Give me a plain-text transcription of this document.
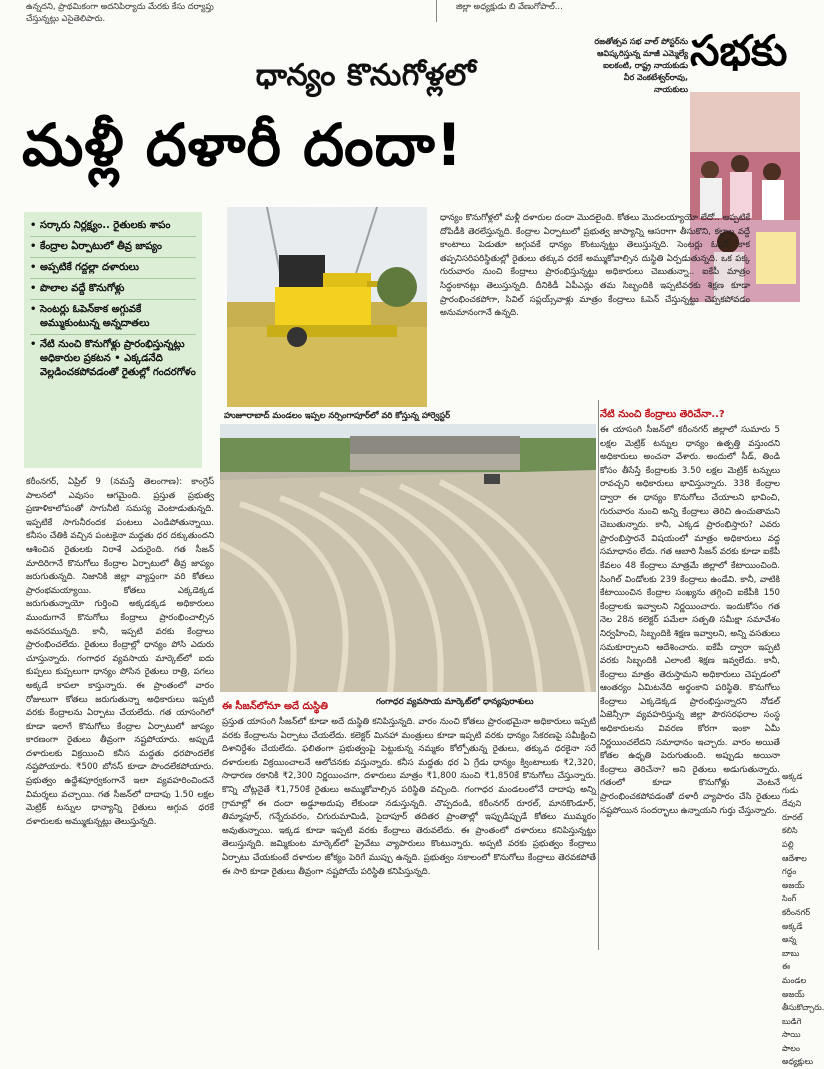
ఉన్నదని, ప్రాథమికంగా అదనిపిర్యాదు మేరకు కేసు దర్యాప్తు చేస్తున్నట్లు ఎసైతెలిపారు.
జిల్లా అధ్యక్షుడు బి వేణుగోపాల్...
ధాన్యం కొనుగోళ్లలో
మళ్లీ దళారీ దందా!
సభకు
రజతోత్సవ సభ వాల్ పోస్టర్‌ను ఆవిష్కరిస్తున్న మాజీ ఎమ్మెల్యే ఐలకంటి, రాష్ట్ర నాయకుడు వీర వెంకటేశ్వర్‌రావు, నాయకులు
• సర్కారు నిర్లక్ష్యం.. రైతులకు శాపం
• కేంద్రాల ఏర్పాటులో తీవ్ర జాప్యం
• అప్పటికే గద్దల్లా దళారులు
• పొలాల వద్దే కొనుగోళ్లు
• సెంటర్లు ఓపెన్‌కాక అగ్గువకే అమ్ముకుంటున్న అన్నదాతలు
• నేటి నుంచి కొనుగోళ్లు ప్రారంభిస్తున్నట్లు అధికారుల ప్రకటన • ఎక్కడనేది వెల్లడించకపోవడంతో రైతుల్లో గందరగోళం
ధాన్యం కొనుగోళ్లలో మళ్లీ దళారుల దందా మొదలైంది. కోతలు మొదలయ్యాయో లేదో.. అప్పటికే దోపిడీకి తెరలేస్తున్నది. కేంద్రాల ఏర్పాటులో ప్రభుత్వ జాప్యాన్ని ఆసరాగా తీసుకొని, కల్లాల వద్దే కాంటాలు పెడుతూ అగ్గువకే ధాన్యం కొంటున్నట్టు తెలుస్తున్నది. సెంటర్లు ఓపెన్ కాక తప్పనిసరిపరిస్థితుల్లో రైతులు తక్కువ ధరకే అమ్ముకోవాల్సిన దుస్థితి ఏర్పడుతున్నది. ఒక పక్క గురువారం నుంచి కేంద్రాలు ప్రారంభిస్తున్నట్టు అధికారులు చెబుతున్నా.. ఐకేపీ మాత్రం సిద్ధంకానట్లు తెలుస్తున్నది. దీనికిడీ ఏపీఎన్లు తమ సిబ్బందికి ఇప్పటివరకు శిక్షణ కూడా ప్రారంభించకపోగా, సివిల్ సప్లయ్స్‌వాళ్లు మాత్రం కేంద్రాలు ఓపెన్ చేస్తున్నట్టు చెప్పకపోవడం అనుమానంగానే ఉన్నది.
హుజూరాబాద్ మండలం ఇప్పల నర్సింగాపూర్‌లో వరి కోస్తున్న హార్వెస్టర్
గంగాధర వ్యవసాయ మార్కెట్‌లో ధాన్యపురాశులు
కరీంనగర్, ఏప్రిల్ 9 (నమస్తే తెలంగాణ): కాంగ్రెస్ పాలనలో ఎవుసం ఆగమైంది. ప్రస్తుత ప్రభుత్వ ప్రణాళికాలోపంతో సాగునీటి సమస్య వెంటాడుతున్నది. ఇప్పటికే సాగునీరందక పంటలు ఎండిపోతున్నాయి. కనీసం చేతికి వచ్చిన పంటకైనా మద్దతు ధర దక్కుతుందని ఆశించిన రైతులకు నిరాశే ఎదురైంది. గత సీజన్ మాదిరిగానే కొనుగోలు కేంద్రాల ఏర్పాటులో తీవ్ర జాప్యం జరుగుతున్నది. నిజానికి జిల్లా వ్యాప్తంగా వరి కోతలు ప్రారంభమయ్యాయి. కోతలు ఎక్కడెక్కడ జరుగుతున్నాయో గుర్తించి అక్కడక్కడ అధికారులు ముందుగానే కొనుగోలు కేంద్రాలు ప్రారంభించాల్సిన అవసరమున్నది. కానీ, ఇప్పటి వరకు కేంద్రాలు ప్రారంభించలేదు. రైతులు కేంద్రాల్లో ధాన్యం పోసి ఎదురు చూస్తున్నారు. గంగాధర వ్యవసాయ మార్కెట్‌లో ఐదు కుప్పలు కుప్పలుగా ధాన్యం పోసిన రైతులు రాత్రి, పగలు అక్కడే కాపలా కాస్తున్నారు. ఈ ప్రాంతంలో వారం రోజులుగా కోతలు జరుగుతున్నా అధికారులు ఇప్పటి వరకు కేంద్రాలను ఏర్పాటు చేయలేదు. గత యాసంగిలో కూడా ఇలాగే కొనుగోలు కేంద్రాల ఏర్పాటులో జాప్యం కారణంగా రైతులు తీవ్రంగా నష్టపోయారు. అప్పుడే దళారులకు విక్రయించి కనీస మద్దతు ధరపొందలేక నష్టపోయారు. ₹500 బోనస్ కూడా పొందలేకపోయారు. ప్రభుత్వం ఉద్దేశపూర్వకంగానే ఇలా వ్యవహరించిందనే విమర్శలు వచ్చాయి. గత సీజన్‌లో దాదాపు 1.50 లక్షల మెట్రిక్ టన్నుల ధాన్యాన్ని రైతులు అగ్గువ ధరకే దళారులకు అమ్ముకున్నట్లు తెలుస్తున్నది.
ఈ సీజన్‌లోనూ అదే దుస్థితి
ప్రస్తుత యాసంగి సీజన్‌లో కూడా అదే దుస్థితి కనిపిస్తున్నది. వారం నుంచి కోతలు ప్రారంభమైనా అధికారులు ఇప్పటి వరకు కేంద్రాలను ఏర్పాటు చేయలేదు. కలెక్టర్ మినహా మంత్రులు కూడా ఇప్పటి వరకు ధాన్యం సేకరణపై సమీక్షించి దిశానిర్దేశం చేయలేదు. ఫలితంగా ప్రభుత్వంపై పెట్టుకున్న నమ్మకం కోల్పోతున్న రైతులు, తక్కువ ధరకైనా సరే దళారులకు విక్రయించాలనే ఆలోచనకు వస్తున్నారు. కనీస మద్దతు ధర ఏ గ్రేడు ధాన్యం క్వింటాలుకు ₹2,320, సాధారణ రకానికి ₹2,300 నిర్ణయించగా, దళారులు మాత్రం ₹1,800 నుంచి ₹1,850కే కొనుగోలు చేస్తున్నారు. కొన్ని చోట్లనైతే ₹1,750కే రైతులు అమ్ముకోవాల్సిన పరిస్థితి వచ్చింది. గంగాధర మండలంలోనే దాదాపు అన్ని గ్రామాల్లో ఈ దందా అడ్డూఅదుపు లేకుండా నడుస్తున్నది. చొప్పదండి, కరీంనగర్ రూరల్, మానకొండూర్, తిమ్మాపూర్, గన్నేరువరం, చిగురుమామిడి, సైదాపూర్ తదితర ప్రాంతాల్లో ఇప్పుడిప్పుడే కోతలు ముమ్మరం అవుతున్నాయి. ఇక్కడ కూడా ఇప్పటి వరకు కేంద్రాలు తెరువలేదు. ఈ ప్రాంతంలో దళారులు కనిపిస్తున్నట్టు తెలుస్తున్నది. జమ్మికుంట మార్కెట్‌లో ప్రైవేటు వ్యాపారులు కొంటున్నారు. అప్పటి వరకు ప్రభుత్వం కేంద్రాలు ఏర్పాటు చేయకుంటే దళారుల జోక్యం పెరిగే ముప్పు ఉన్నది. ప్రభుత్వం సకాలంలో కొనుగోలు కేంద్రాలు తెరవకపోతే ఈ సారి కూడా రైతులు తీవ్రంగా నష్టపోయే పరిస్థితి కనిపిస్తున్నది.
నేటి నుంచి కేంద్రాలు తెరిచేనా..?
ఈ యాసంగి సీజన్‌లో కరీంనగర్ జిల్లాలో సుమారు 5 లక్షల మెట్రిక్ టన్నుల ధాన్యం ఉత్పత్తి వస్తుందని అధికారులు అంచనా వేశారు. అందులో సీడ్, తిండి కోసం తీసేస్తే కేంద్రాలకు 3.50 లక్షల మెట్రిక్ టన్నులు రావచ్చని అధికారులు భావిస్తున్నారు. 338 కేంద్రాల ద్వారా ఈ ధాన్యం కొనుగోలు చేయాలని భావించి, గురువారం నుంచి అన్ని కేంద్రాలు తెరిచి ఉంచుతామని చెబుతున్నారు. కానీ, ఎక్కడ ప్రారంభిస్తారు? ఎవరు ప్రారంభిస్తారనే విషయంలో మాత్రం అధికారులు వద్ద సమాధానం లేదు. గత ఆబారి సీజన్ వరకు కూడా ఐకేపీ కేవలం 48 కేంద్రాలు మాత్రమే జిల్లాలో కేటాయించింది. సింగిల్ విండోలకు 239 కేంద్రాలు ఉండేవి. కానీ, వాటికి కేటాయించిన కేంద్రాల సంఖ్యను తగ్గించి ఐకేపీకి 150 కేంద్రాలకు ఇవ్వాలని నిర్ణయించారు. ఇందుకోసం గత నెల 28న కలెక్టర్ పమేలా సత్పతి సమీక్షా సమావేశం నిర్వహించి, సిబ్బందికి శిక్షణ ఇవ్వాలని, అన్ని వసతులు సమకూర్చాలని ఆదేశించారు. ఐకేపీ ద్వారా ఇప్పటి వరకు సిబ్బందికి ఎలాంటి శిక్షణ ఇవ్వలేదు. కానీ, కేంద్రాలు మాత్రం తెరుస్తామని అధికారులు చెప్పడంలో ఆంతర్యం ఏమిటనేది అర్థంకాని పరిస్థితి. కొనుగోలు కేంద్రాలు ఎక్కడెక్కడ ప్రారంభిస్తున్నారని నోడల్ ఏజెన్సీగా వ్యవహరిస్తున్న జిల్లా పౌరసరఫరాల సంస్థ అధికారులను వివరణ కోరగా ఇంకా ఏమీ నిర్ణయించలేదని సమాధానం ఇచ్చారు. వారం అయితే కోతల ఉధృతి పెరుగుతుంది. అప్పుడు అయినా కేంద్రాలు తెరిచేనా? అని రైతులు అడుగుతున్నారు. గతంలో కూడా కొనుగోళ్లు వెంటనే ప్రారంభించకపోవడంతో దళారీ వ్యాపారం చేసి రైతులు నష్టపోయిన సందర్భాలు ఉన్నాయని గుర్తు చేస్తున్నారు.
అక్కడ గుడు దేవుని రూరల్ కలిసి పల్లి ఆదేశాల గద్దం అజయ్ సింగ్ కరీంనగర్ అక్కడే అన్న బాబు ఈ మండల అజయ్ తీసుకొచ్చారు. బుడిగె సాయి పాలం అధ్యక్షులు
